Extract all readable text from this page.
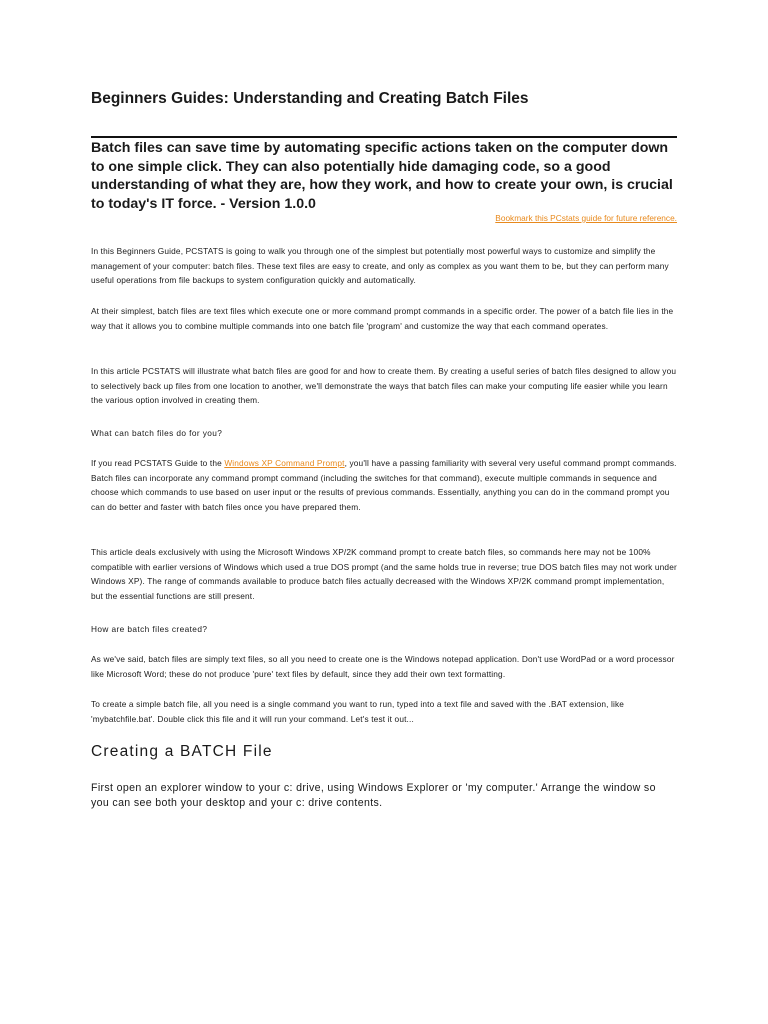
Beginners Guides: Understanding and Creating Batch Files

Batch files can save time by automating specific actions taken on the computer down to one simple click. They can also potentially hide damaging code, so a good understanding of what they are, how they work, and how to create your own, is crucial to today's IT force. - Version 1.0.0

Bookmark this PCstats guide for future reference.

In this Beginners Guide, PCSTATS is going to walk you through one of the simplest but potentially most powerful ways to customize and simplify the management of your computer: batch files. These text files are easy to create, and only as complex as you want them to be, but they can perform many useful operations from file backups to system configuration quickly and automatically.

At their simplest, batch files are text files which execute one or more command prompt commands in a specific order. The power of a batch file lies in the way that it allows you to combine multiple commands into one batch file 'program' and customize the way that each command operates.

In this article PCSTATS will illustrate what batch files are good for and how to create them. By creating a useful series of batch files designed to allow you to selectively back up files from one location to another, we'll demonstrate the ways that batch files can make your computing life easier while you learn the various option involved in creating them.

What can batch files do for you?

If you read PCSTATS Guide to the Windows XP Command Prompt, you'll have a passing familiarity with several very useful command prompt commands. Batch files can incorporate any command prompt command (including the switches for that command), execute multiple commands in sequence and choose which commands to use based on user input or the results of previous commands. Essentially, anything you can do in the command prompt you can do better and faster with batch files once you have prepared them.

This article deals exclusively with using the Microsoft Windows XP/2K command prompt to create batch files, so commands here may not be 100% compatible with earlier versions of Windows which used a true DOS prompt (and the same holds true in reverse; true DOS batch files may not work under Windows XP). The range of commands available to produce batch files actually decreased with the Windows XP/2K command prompt implementation, but the essential functions are still present.

How are batch files created?

As we've said, batch files are simply text files, so all you need to create one is the Windows notepad application. Don't use WordPad or a word processor like Microsoft Word; these do not produce 'pure' text files by default, since they add their own text formatting.

To create a simple batch file, all you need is a single command you want to run, typed into a text file and saved with the .BAT extension, like 'mybatchfile.bat'. Double click this file and it will run your command. Let's test it out...

Creating a BATCH File

First open an explorer window to your c: drive, using Windows Explorer or 'my computer.' Arrange the window so you can see both your desktop and your c: drive contents.
